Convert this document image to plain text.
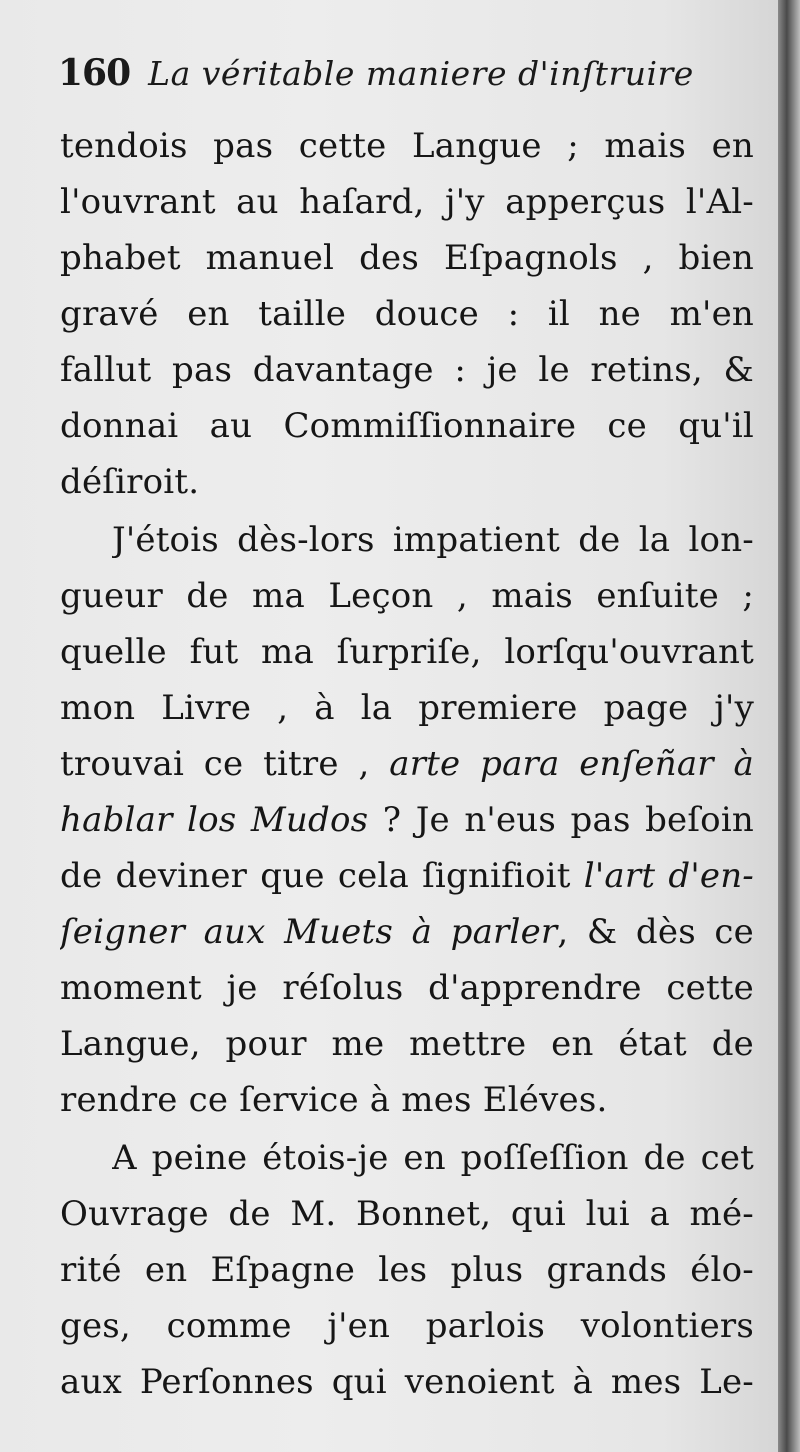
160 La véritable maniere d'inſtruire
tendois pas cette Langue ; mais en
l'ouvrant au haſard, j'y apperçus l'Al-
phabet manuel des Eſpagnols , bien
gravé en taille douce : il ne m'en
fallut pas davantage : je le retins, &
donnai au Commiſſionnaire ce qu'il
déſiroit.
J'étois dès-lors impatient de la lon-
gueur de ma Leçon , mais enſuite ;
quelle fut ma ſurpriſe, lorſqu'ouvrant
mon Livre , à la premiere page j'y
trouvai ce titre , arte para enſeñar à
hablar los Mudos ? Je n'eus pas beſoin
de deviner que cela ſignifioit l'art d'en-
ſeigner aux Muets à parler, & dès ce
moment je réſolus d'apprendre cette
Langue, pour me mettre en état de
rendre ce ſervice à mes Eléves.
A peine étois-je en poſſeſſion de cet
Ouvrage de M. Bonnet, qui lui a mé-
rité en Eſpagne les plus grands élo-
ges, comme j'en parlois volontiers
aux Perſonnes qui venoient à mes Le-
